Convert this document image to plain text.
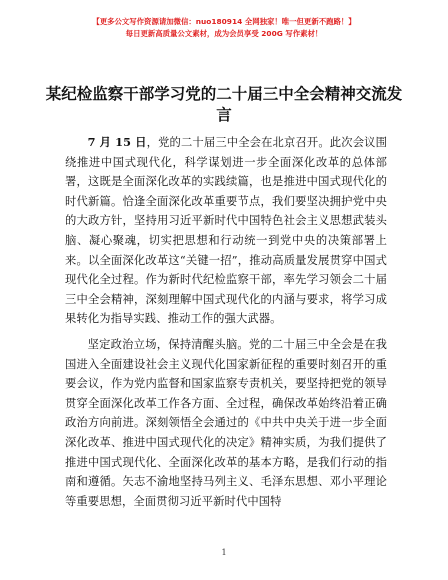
【更多公文写作资源请加微信：nuo180914 全网独家！唯一但更新不跑路！】
每日更新高质量公文素材，成为会员享受 200G 写作素材！
某纪检监察干部学习党的二十届三中全会精神交流发言

7 月 15 日，党的二十届三中全会在北京召开。此次会议围绕推进中国式现代化，科学谋划进一步全面深化改革的总体部署，这既是全面深化改革的实践续篇，也是推进中国式现代化的时代新篇。恰逢全面深化改革重要节点，我们要坚决拥护党中央的大政方针，坚持用习近平新时代中国特色社会主义思想武装头脑、凝心聚魂，切实把思想和行动统一到党中央的决策部署上来。以全面深化改革这“关键一招”，推动高质量发展贯穿中国式现代化全过程。作为新时代纪检监察干部，率先学习领会二十届三中全会精神，深刻理解中国式现代化的内涵与要求，将学习成果转化为指导实践、推动工作的强大武器。

坚定政治立场，保持清醒头脑。党的二十届三中全会是在我国进入全面建设社会主义现代化国家新征程的重要时刻召开的重要会议，作为党内监督和国家监察专责机关，要坚持把党的领导贯穿全面深化改革工作各方面、全过程，确保改革始终沿着正确政治方向前进。深刻领悟全会通过的《中共中央关于进一步全面深化改革、推进中国式现代化的决定》精神实质，为我们提供了推进中国式现代化、全面深化改革的基本方略，是我们行动的指南和遵循。矢志不渝地坚持马列主义、毛泽东思想、邓小平理论等重要思想，全面贯彻习近平新时代中国特

1
